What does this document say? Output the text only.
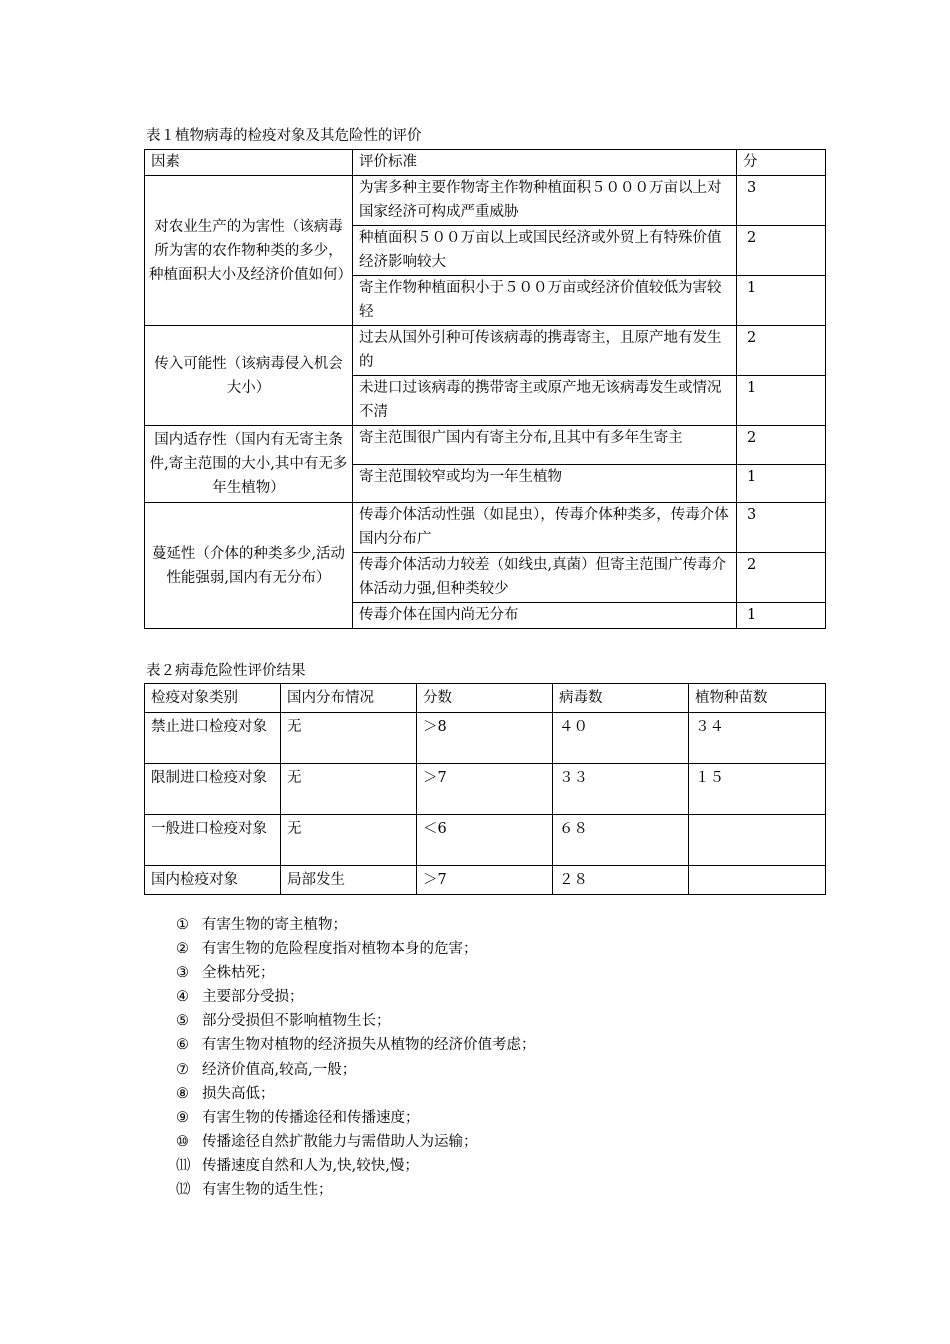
表１植物病毒的检疫对象及其危险性的评价
因素	评价标准	分
对农业生产的为害性（该病毒所为害的农作物种类的多少，种植面积大小及经济价值如何）	为害多种主要作物寄主作物种植面积５０００万亩以上对国家经济可构成严重威胁	3
	种植面积５００万亩以上或国民经济或外贸上有特殊价值经济影响较大	2
	寄主作物种植面积小于５００万亩或经济价值较低为害较轻	1
传入可能性（该病毒侵入机会大小）	过去从国外引种可传该病毒的携毒寄主，且原产地有发生的	2
	未进口过该病毒的携带寄主或原产地无该病毒发生或情况不清	1
国内适存性（国内有无寄主条件,寄主范围的大小,其中有无多年生植物）	寄主范围很广国内有寄主分布,且其中有多年生寄主	2
	寄主范围较窄或均为一年生植物	1
蔓延性（介体的种类多少,活动性能强弱,国内有无分布）	传毒介体活动性强（如昆虫），传毒介体种类多，传毒介体国内分布广	3
	传毒介体活动力较差（如线虫,真菌）但寄主范围广传毒介体活动力强,但种类较少	2
	传毒介体在国内尚无分布	1
表２病毒危险性评价结果
检疫对象类别	国内分布情况	分数	病毒数	植物种苗数
禁止进口检疫对象	无	＞8	４０	３４
限制进口检疫对象	无	＞7	３３	１５
一般进口检疫对象	无	＜6	６８	
国内检疫对象	局部发生	＞7	２８	
① 有害生物的寄主植物；
② 有害生物的危险程度指对植物本身的危害；
③ 全株枯死；
④ 主要部分受损；
⑤ 部分受损但不影响植物生长；
⑥ 有害生物对植物的经济损失从植物的经济价值考虑；
⑦ 经济价值高,较高,一般；
⑧ 损失高低；
⑨ 有害生物的传播途径和传播速度；
⑩ 传播途径自然扩散能力与需借助人为运输；
⑾ 传播速度自然和人为,快,较快,慢；
⑿ 有害生物的适生性；
